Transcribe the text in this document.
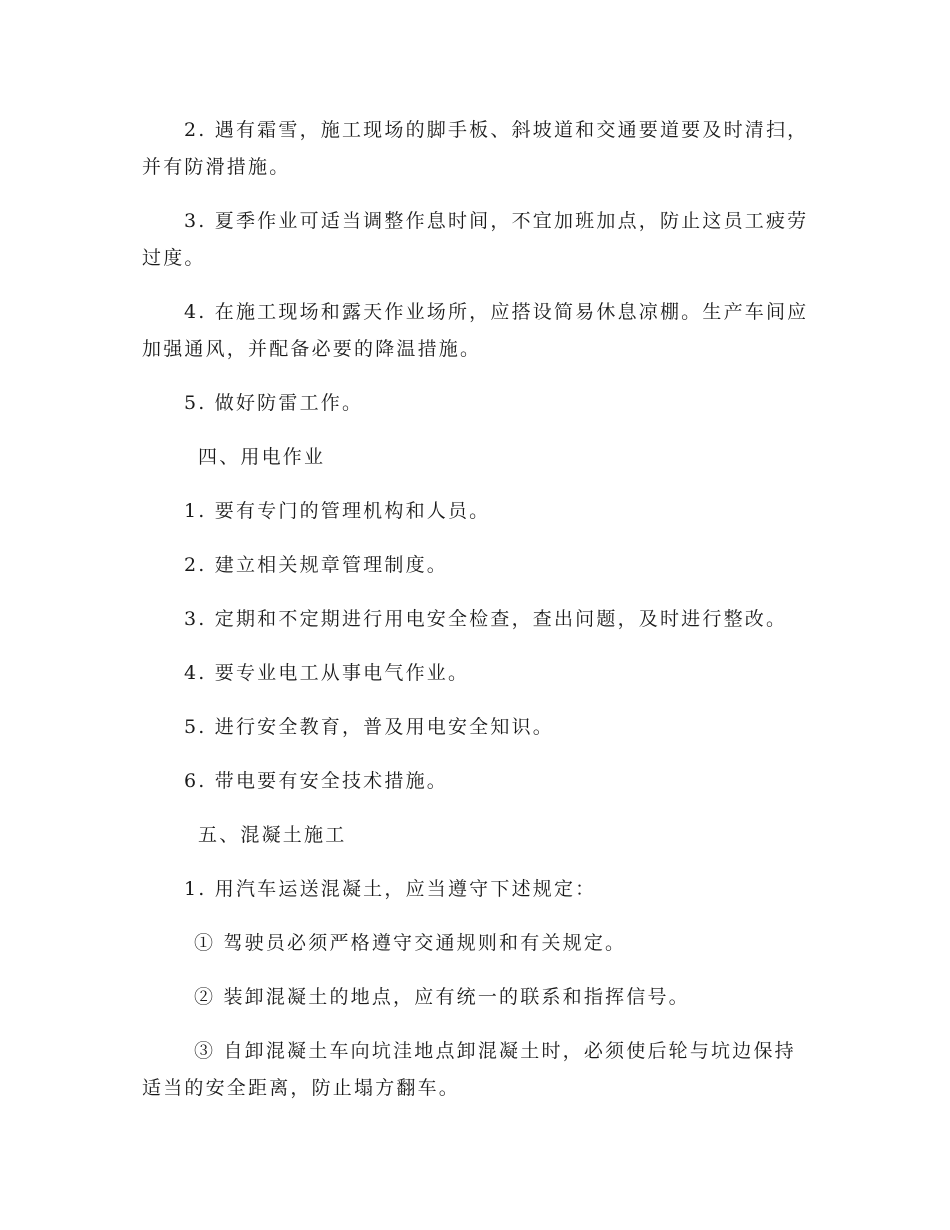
2. 遇有霜雪，施工现场的脚手板、斜坡道和交通要道要及时清扫，并有防滑措施。

3. 夏季作业可适当调整作息时间，不宜加班加点，防止这员工疲劳过度。

4. 在施工现场和露天作业场所，应搭设简易休息凉棚。生产车间应加强通风，并配备必要的降温措施。

5. 做好防雷工作。

四、用电作业

1. 要有专门的管理机构和人员。

2. 建立相关规章管理制度。

3. 定期和不定期进行用电安全检查，查出问题，及时进行整改。

4. 要专业电工从事电气作业。

5. 进行安全教育，普及用电安全知识。

6. 带电要有安全技术措施。

五、混凝土施工

1. 用汽车运送混凝土，应当遵守下述规定：

① 驾驶员必须严格遵守交通规则和有关规定。

② 装卸混凝土的地点，应有统一的联系和指挥信号。

③ 自卸混凝土车向坑洼地点卸混凝土时，必须使后轮与坑边保持适当的安全距离，防止塌方翻车。
